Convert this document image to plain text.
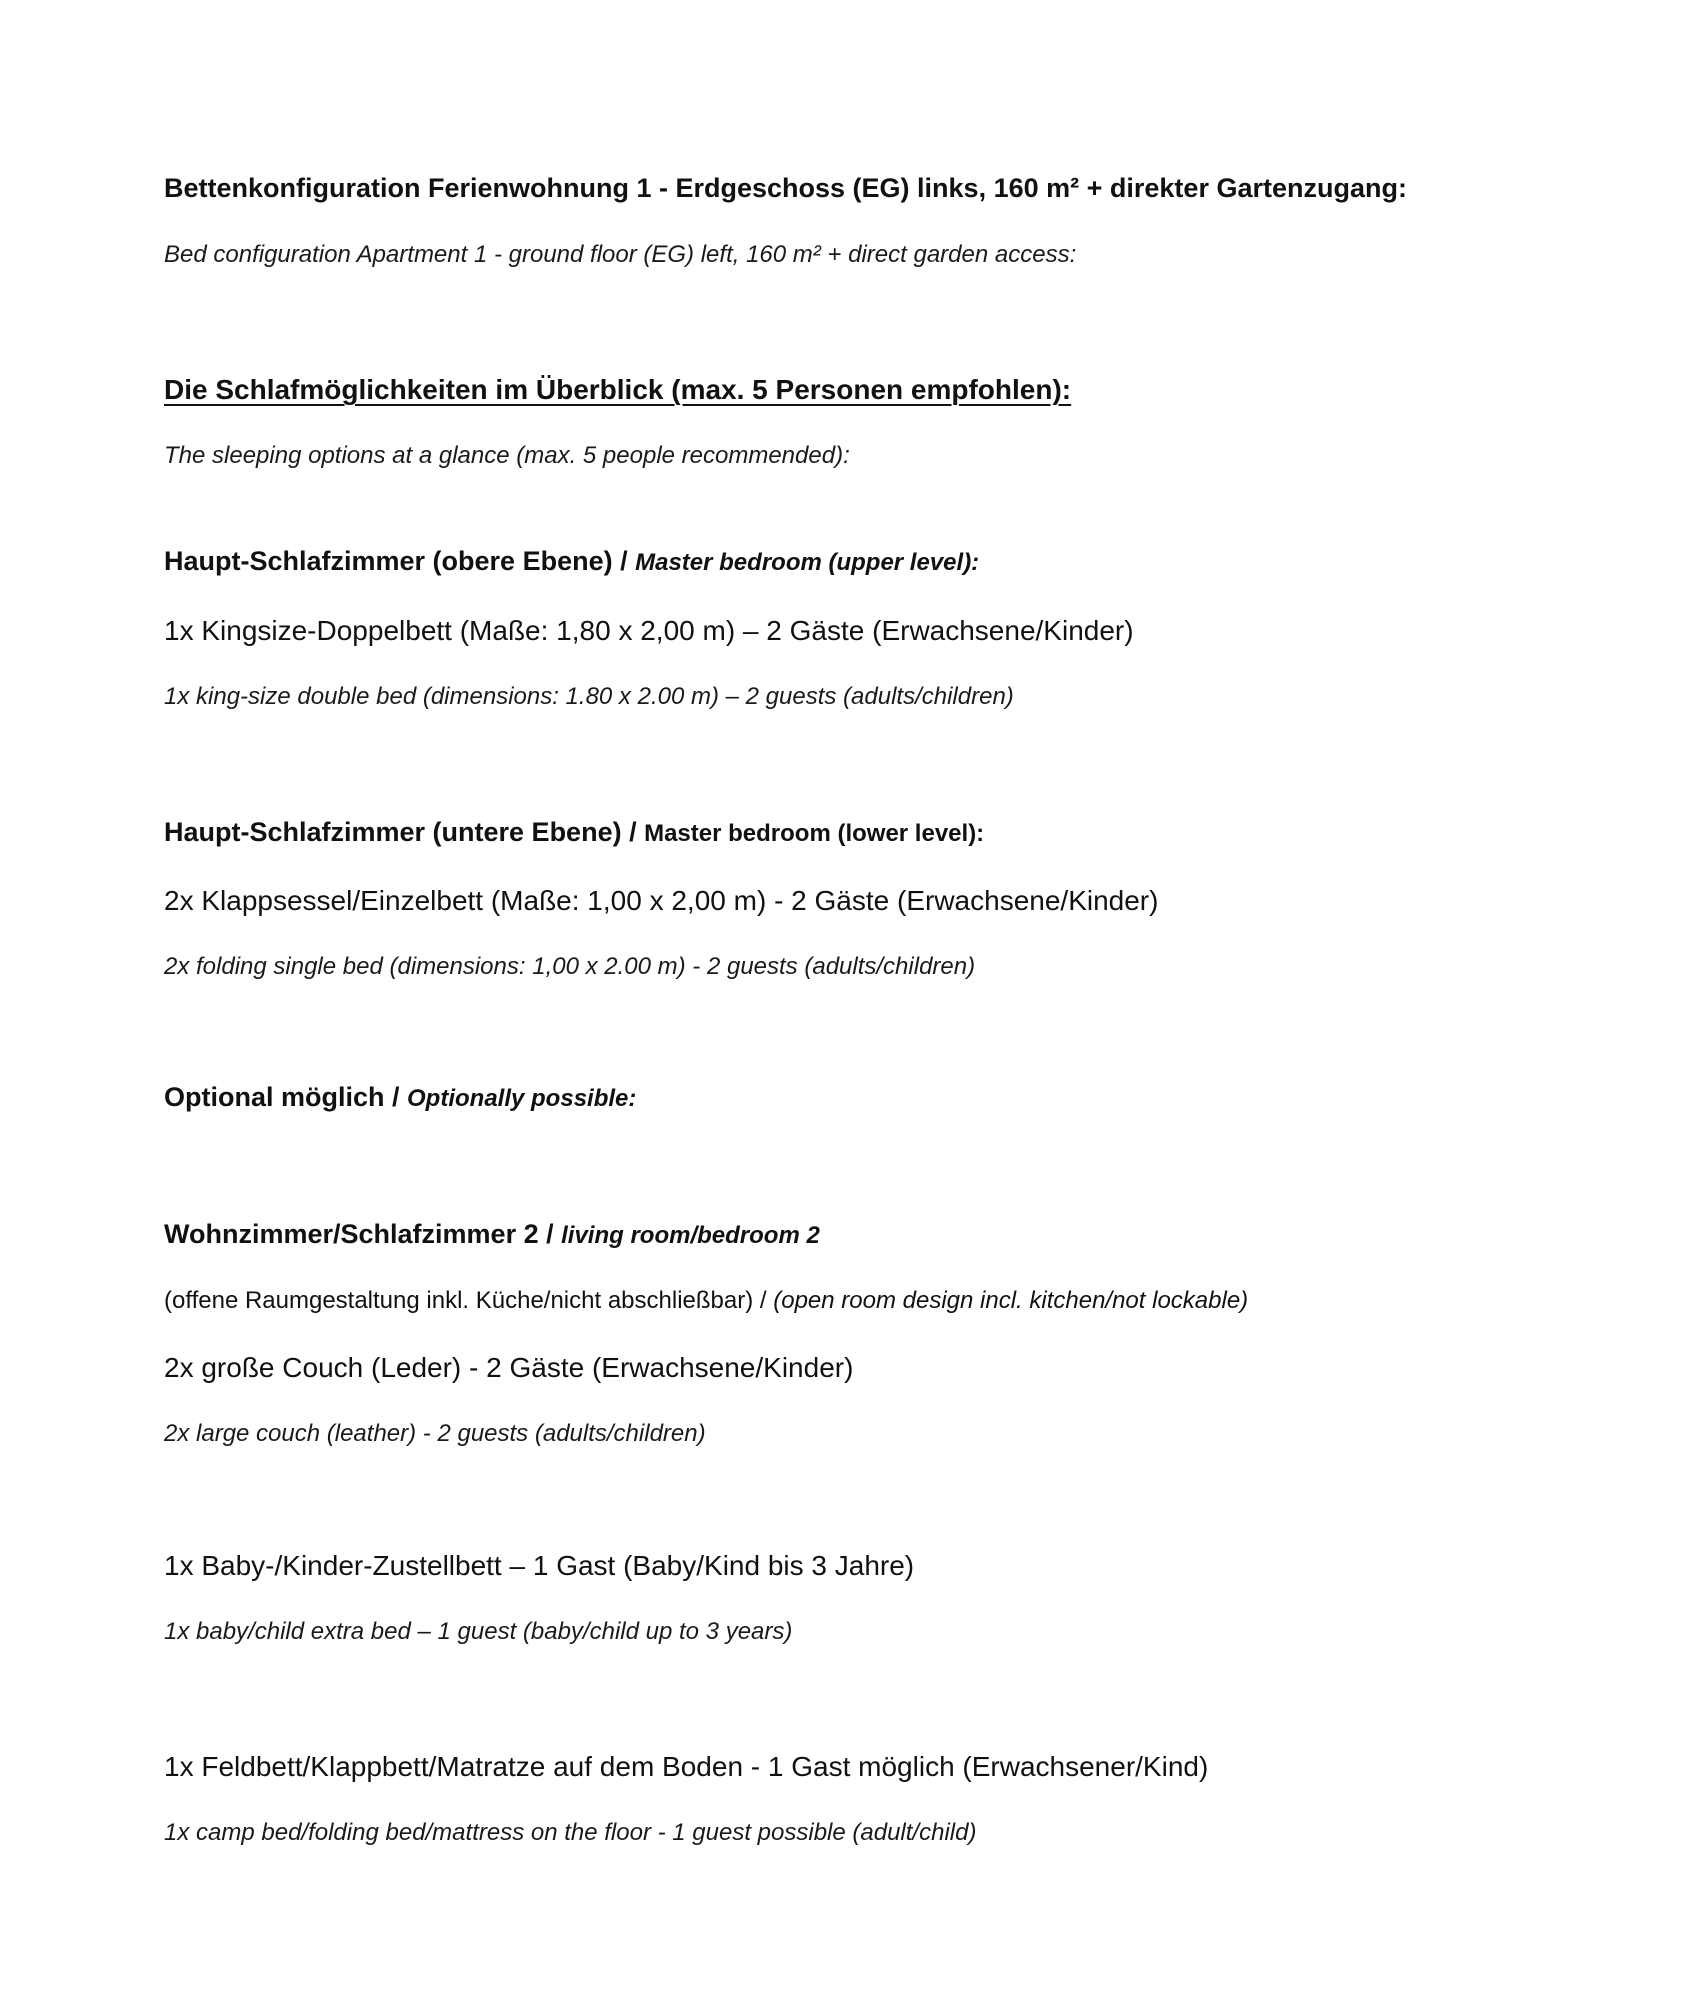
Bettenkonfiguration Ferienwohnung 1 - Erdgeschoss (EG) links, 160 m² + direkter Gartenzugang:
Bed configuration Apartment 1 - ground floor (EG) left, 160 m² + direct garden access:
Die Schlafmöglichkeiten im Überblick (max. 5 Personen empfohlen):
The sleeping options at a glance (max. 5 people recommended):
Haupt-Schlafzimmer (obere Ebene) / Master bedroom (upper level):
1x Kingsize-Doppelbett (Maße: 1,80 x 2,00 m) – 2 Gäste (Erwachsene/Kinder)
1x king-size double bed (dimensions: 1.80 x 2.00 m) – 2 guests (adults/children)
Haupt-Schlafzimmer (untere Ebene) / Master bedroom (lower level):
2x Klappsessel/Einzelbett (Maße: 1,00 x 2,00 m) - 2 Gäste (Erwachsene/Kinder)
2x folding single bed (dimensions: 1,00 x 2.00 m) - 2 guests (adults/children)
Optional möglich / Optionally possible:
Wohnzimmer/Schlafzimmer 2 / living room/bedroom 2
(offene Raumgestaltung inkl. Küche/nicht abschließbar) / (open room design incl. kitchen/not lockable)
2x große Couch (Leder) - 2 Gäste (Erwachsene/Kinder)
2x large couch (leather) - 2 guests (adults/children)
1x Baby-/Kinder-Zustellbett – 1 Gast (Baby/Kind bis 3 Jahre)
1x baby/child extra bed – 1 guest (baby/child up to 3 years)
1x Feldbett/Klappbett/Matratze auf dem Boden - 1 Gast möglich (Erwachsener/Kind)
1x camp bed/folding bed/mattress on the floor - 1 guest possible (adult/child)
